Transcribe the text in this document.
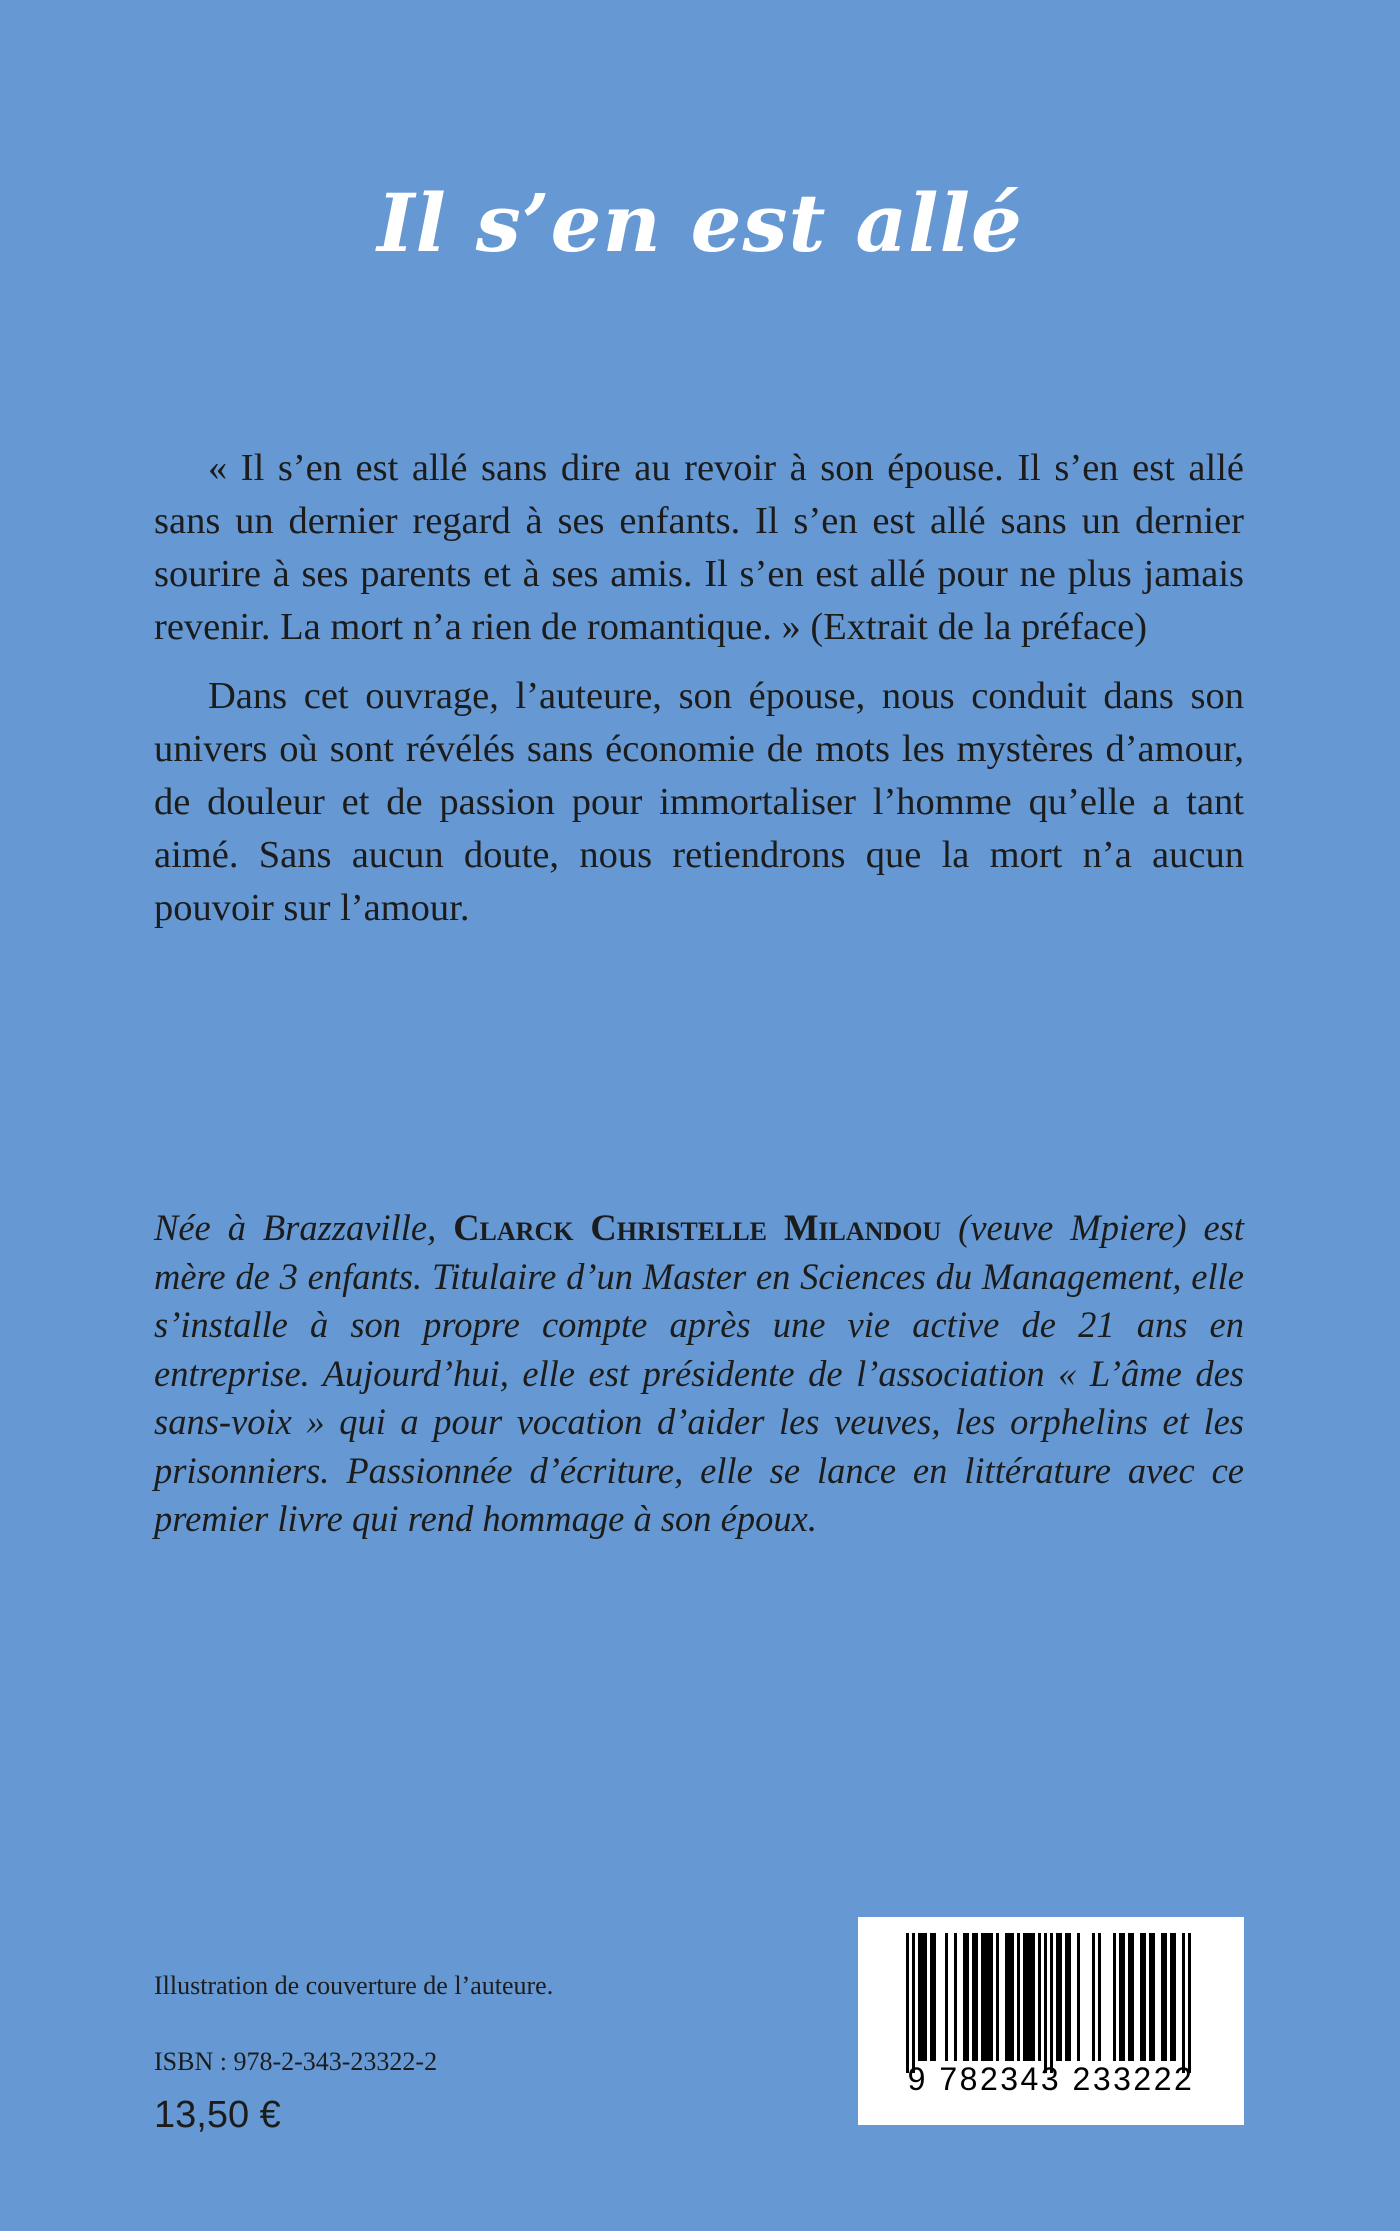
Il s’en est allé

« Il s’en est allé sans dire au revoir à son épouse. Il s’en est allé sans un dernier regard à ses enfants. Il s’en est allé sans un dernier sourire à ses parents et à ses amis. Il s’en est allé pour ne plus jamais revenir. La mort n’a rien de romantique. » (Extrait de la préface)

Dans cet ouvrage, l’auteure, son épouse, nous conduit dans son univers où sont révélés sans économie de mots les mystères d’amour, de douleur et de passion pour immortaliser l’homme qu’elle a tant aimé. Sans aucun doute, nous retiendrons que la mort n’a aucun pouvoir sur l’amour.

Née à Brazzaville, Clarck Christelle Milandou (veuve Mpiere) est mère de 3 enfants. Titulaire d’un Master en Sciences du Management, elle s’installe à son propre compte après une vie active de 21 ans en entreprise. Aujourd’hui, elle est présidente de l’association « L’âme des sans-voix » qui a pour vocation d’aider les veuves, les orphelins et les prisonniers. Passionnée d’écriture, elle se lance en littérature avec ce premier livre qui rend hommage à son époux.
Illustration de couverture de l’auteure.
ISBN : 978-2-343-23322-2
13,50 €
9 782343 233222
